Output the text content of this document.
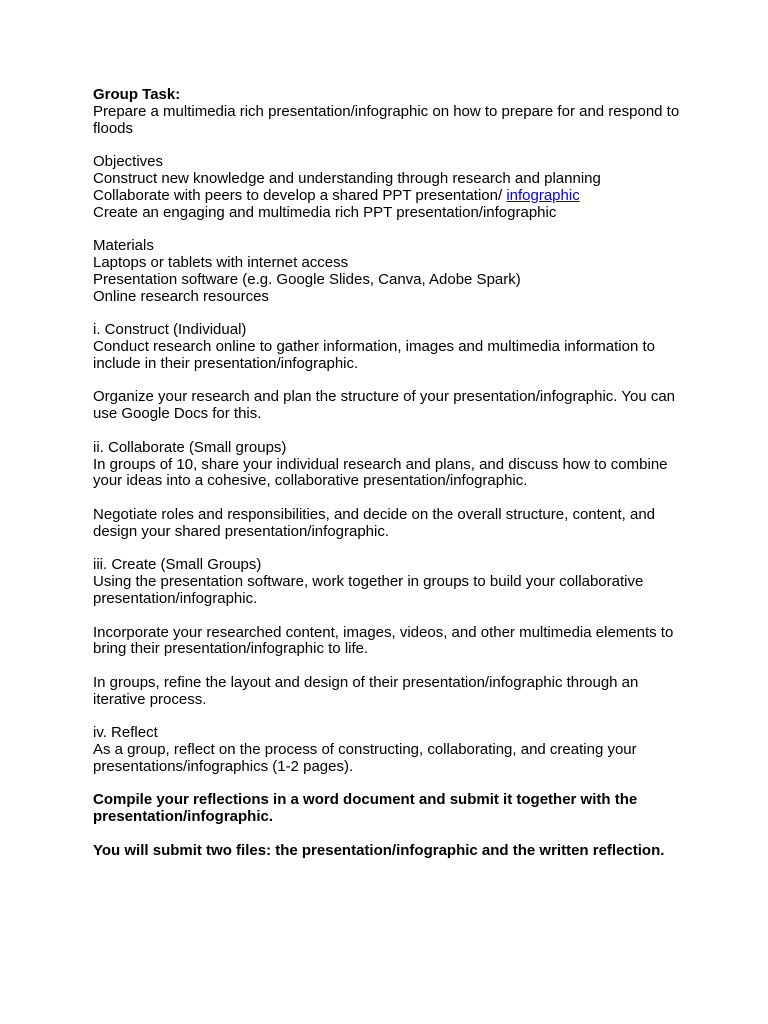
Group Task:
Prepare a multimedia rich presentation/infographic on how to prepare for and respond to floods
Objectives
Construct new knowledge and understanding through research and planning
Collaborate with peers to develop a shared PPT presentation/ infographic
Create an engaging and multimedia rich PPT presentation/infographic
Materials
Laptops or tablets with internet access
Presentation software (e.g. Google Slides, Canva, Adobe Spark)
Online research resources
i. Construct (Individual)
Conduct research online to gather information, images and multimedia information to include in their presentation/infographic.
Organize your research and plan the structure of your presentation/infographic. You can use Google Docs for this.
ii. Collaborate (Small groups)
In groups of 10, share your individual research and plans, and discuss how to combine your ideas into a cohesive, collaborative presentation/infographic.
Negotiate roles and responsibilities, and decide on the overall structure, content, and design your shared presentation/infographic.
iii. Create (Small Groups)
Using the presentation software, work together in groups to build your collaborative presentation/infographic.
Incorporate your researched content, images, videos, and other multimedia elements to bring their presentation/infographic to life.
In groups, refine the layout and design of their presentation/infographic through an iterative process.
iv. Reflect
As a group, reflect on the process of constructing, collaborating, and creating your presentations/infographics (1-2 pages).
Compile your reflections in a word document and submit it together with the presentation/infographic.
You will submit two files: the presentation/infographic and the written reflection.
